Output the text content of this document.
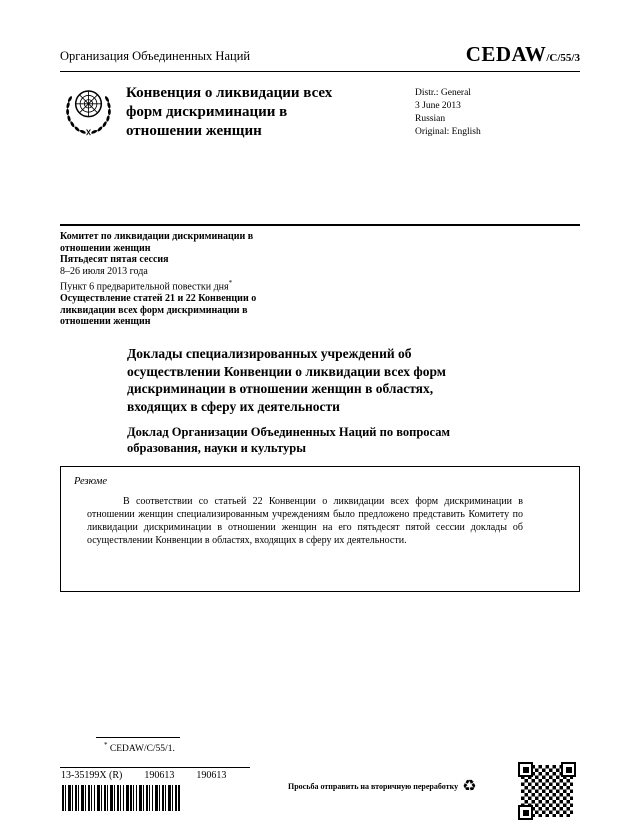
Организация Объединенных Наций	CEDAW/C/55/3
Конвенция о ликвидации всех форм дискриминации в отношении женщин
Distr.: General
3 June 2013
Russian
Original: English
Комитет по ликвидации дискриминации в отношении женщин
Пятьдесят пятая сессия
8–26 июля 2013 года
Пункт 6 предварительной повестки дня*
Осуществление статей 21 и 22 Конвенции о ликвидации всех форм дискриминации в отношении женщин
Доклады специализированных учреждений об осуществлении Конвенции о ликвидации всех форм дискриминации в отношении женщин в областях, входящих в сферу их деятельности
Доклад Организации Объединенных Наций по вопросам образования, науки и культуры
Резюме

В соответствии со статьей 22 Конвенции о ликвидации всех форм дискриминации в отношении женщин специализированным учреждениям было предложено представить Комитету по ликвидации дискриминации в отношении женщин на его пятьдесят пятой сессии доклады об осуществлении Конвенции в областях, входящих в сферу их деятельности.

* CEDAW/C/55/1.
13-35199X (R) 190613 190613
Просьба отправить на вторичную переработку ♻
